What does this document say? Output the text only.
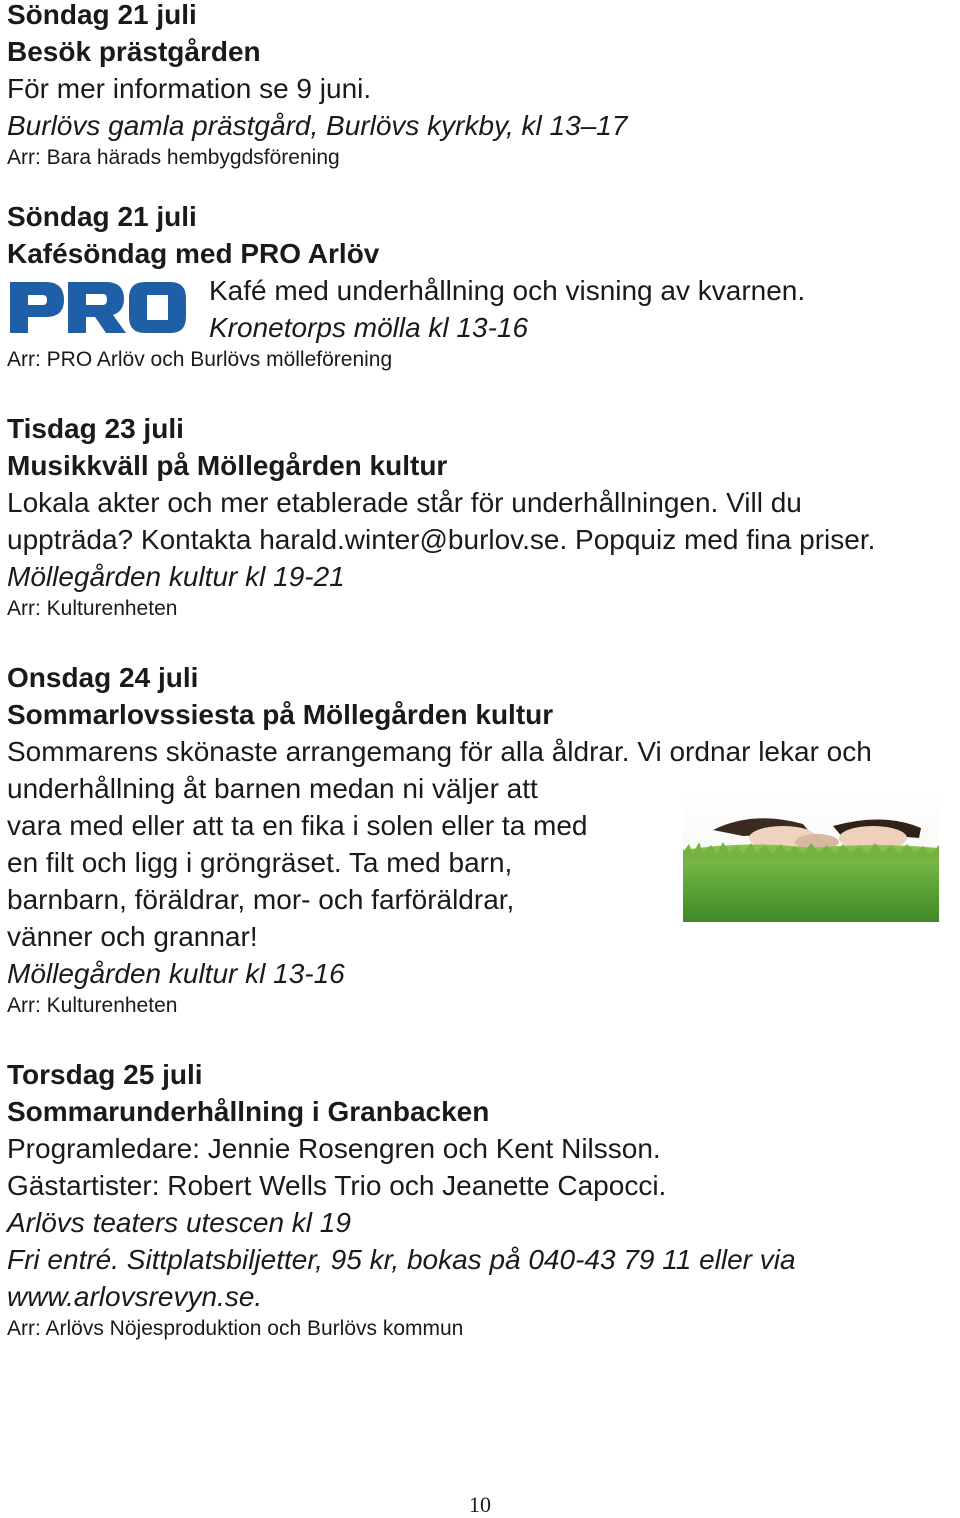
Söndag 21 juli
Besök prästgården
För mer information se 9 juni.
Burlövs gamla prästgård, Burlövs kyrkby, kl 13–17
Arr: Bara härads hembygdsförening
Söndag 21 juli
Kafésöndag med PRO Arlöv
Kafé med underhållning och visning av kvarnen.
Kronetorps mölla kl 13-16
Arr: PRO Arlöv och Burlövs mölleförening
Tisdag 23 juli
Musikkväll på Möllegården kultur
Lokala akter och mer etablerade står för underhållningen. Vill du
uppträda? Kontakta harald.winter@burlov.se. Popquiz med fina priser.
Möllegården kultur kl 19-21
Arr: Kulturenheten
Onsdag 24 juli
Sommarlovssiesta på Möllegården kultur
Sommarens skönaste arrangemang för alla åldrar. Vi ordnar lekar och
underhållning åt barnen medan ni väljer att
vara med eller att ta en fika i solen eller ta med
en filt och ligg i gröngräset. Ta med barn,
barnbarn, föräldrar, mor- och farföräldrar,
vänner och grannar!
Möllegården kultur kl 13-16
Arr: Kulturenheten
Torsdag 25 juli
Sommarunderhållning i Granbacken
Programledare: Jennie Rosengren och Kent Nilsson.
Gästartister: Robert Wells Trio och Jeanette Capocci.
Arlövs teaters utescen kl 19
Fri entré. Sittplatsbiljetter, 95 kr, bokas på 040-43 79 11 eller via
www.arlovsrevyn.se.
Arr: Arlövs Nöjesproduktion och Burlövs kommun
10
